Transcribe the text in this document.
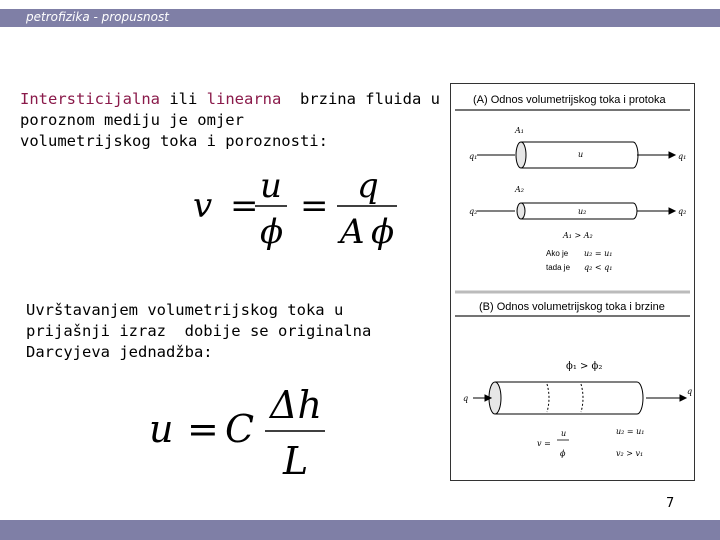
petrofizika - propusnost
Intersticijalna ili linearna  brzina fluida u
poroznom mediju je omjer
volumetrijskog toka i poroznosti:
v = u
ϕ
= q
A ϕ
Uvrštavanjem volumetrijskog toka u
prijašnji izraz  dobije se originalna
Darcyjeva jednadžba:
u = C
Δh
L
(A) Odnos volumetrijskog toka i protoka
A₁
q₁	u	q₁
A₂
q₂	u₂	q₂
A₁ > A₂
u₂ = u₁
q₂ < q₁
Ako je
tada je
(B) Odnos volumetrijskog toka i brzine
ϕ₁ > ϕ₂
q
q
v =
u
ϕ
u₂ = u₁
v₂ > v₁
7
